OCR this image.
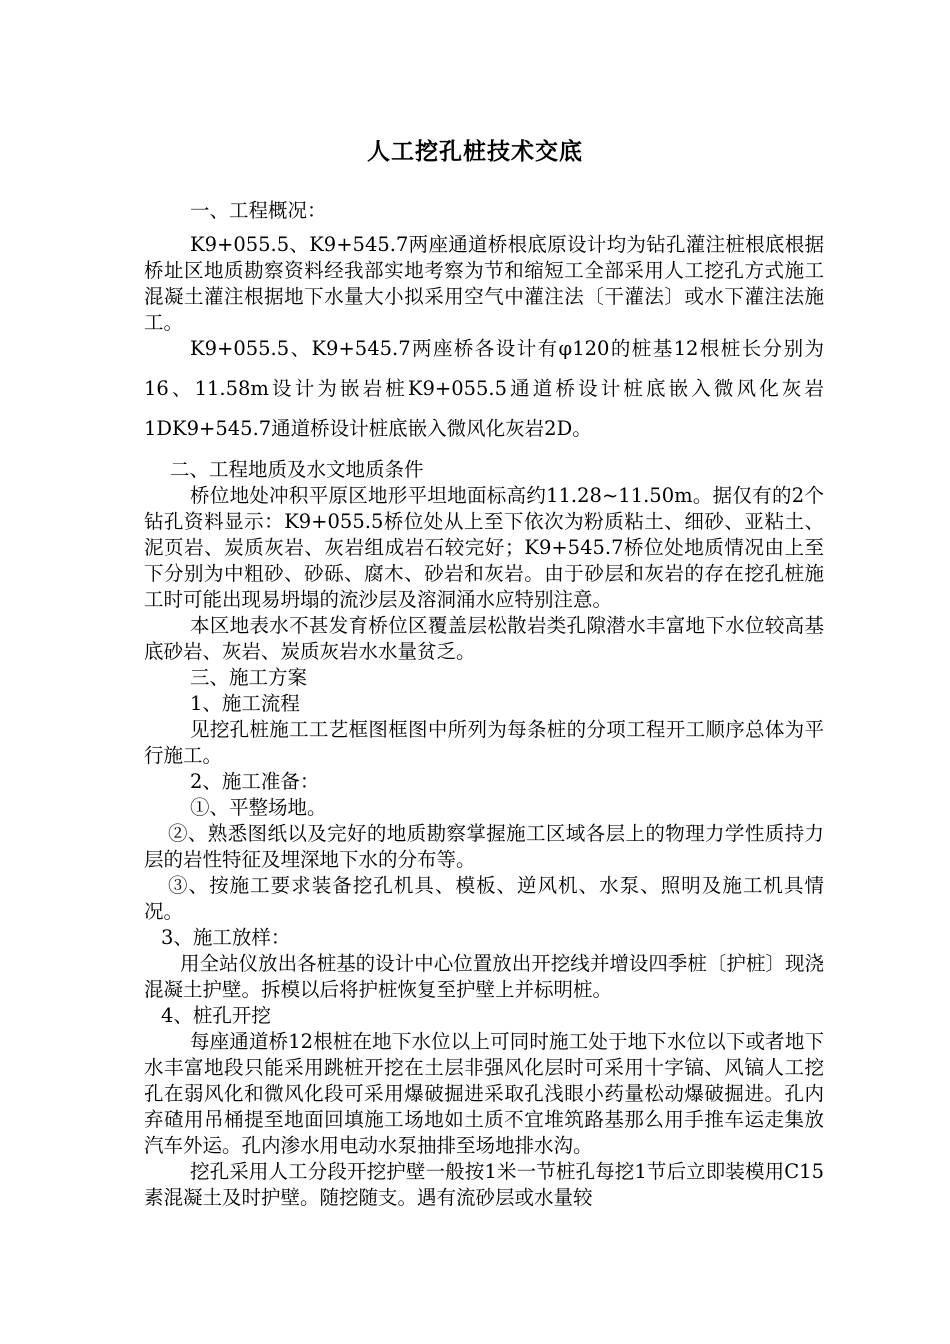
人工挖孔桩技术交底

一、工程概况：

K9+055.5、K9+545.7两座通道桥根底原设计均为钻孔灌注桩根底根据桥址区地质勘察资料经我部实地考察为节和缩短工全部采用人工挖孔方式施工混凝土灌注根据地下水量大小拟采用空气中灌注法〔干灌法〕或水下灌注法施工。

K9+055.5、K9+545.7两座桥各设计有φ120的桩基12根桩长分别为16、11.58m设计为嵌岩桩K9+055.5通道桥设计桩底嵌入微风化灰岩1DK9+545.7通道桥设计桩底嵌入微风化灰岩2D。

二、工程地质及水文地质条件

桥位地处冲积平原区地形平坦地面标高约11.28~11.50m。据仅有的2个钻孔资料显示：K9+055.5桥位处从上至下依次为粉质粘土、细砂、亚粘土、泥页岩、炭质灰岩、灰岩组成岩石较完好；K9+545.7桥位处地质情况由上至下分别为中粗砂、砂砾、腐木、砂岩和灰岩。由于砂层和灰岩的存在挖孔桩施工时可能出现易坍塌的流沙层及溶洞涌水应特别注意。

本区地表水不甚发育桥位区覆盖层松散岩类孔隙潜水丰富地下水位较高基底砂岩、灰岩、炭质灰岩水水量贫乏。

三、施工方案

1、施工流程

见挖孔桩施工工艺框图框图中所列为每条桩的分项工程开工顺序总体为平行施工。

2、施工准备：

①、平整场地。

②、熟悉图纸以及完好的地质勘察掌握施工区域各层上的物理力学性质持力层的岩性特征及埋深地下水的分布等。

③、按施工要求装备挖孔机具、模板、逆风机、水泵、照明及施工机具情况。

3、施工放样：

用全站仪放出各桩基的设计中心位置放出开挖线并增设四季桩〔护桩〕现浇混凝土护壁。拆模以后将护桩恢复至护壁上并标明桩。

4、桩孔开挖

每座通道桥12根桩在地下水位以上可同时施工处于地下水位以下或者地下水丰富地段只能采用跳桩开挖在土层非强风化层时可采用十字镐、风镐人工挖孔在弱风化和微风化段可采用爆破掘进采取孔浅眼小药量松动爆破掘进。孔内弃碴用吊桶提至地面回填施工场地如土质不宜堆筑路基那么用手推车运走集放汽车外运。孔内渗水用电动水泵抽排至场地排水沟。

挖孔采用人工分段开挖护壁一般按1米一节桩孔每挖1节后立即装模用C15素混凝土及时护壁。随挖随支。遇有流砂层或水量较
